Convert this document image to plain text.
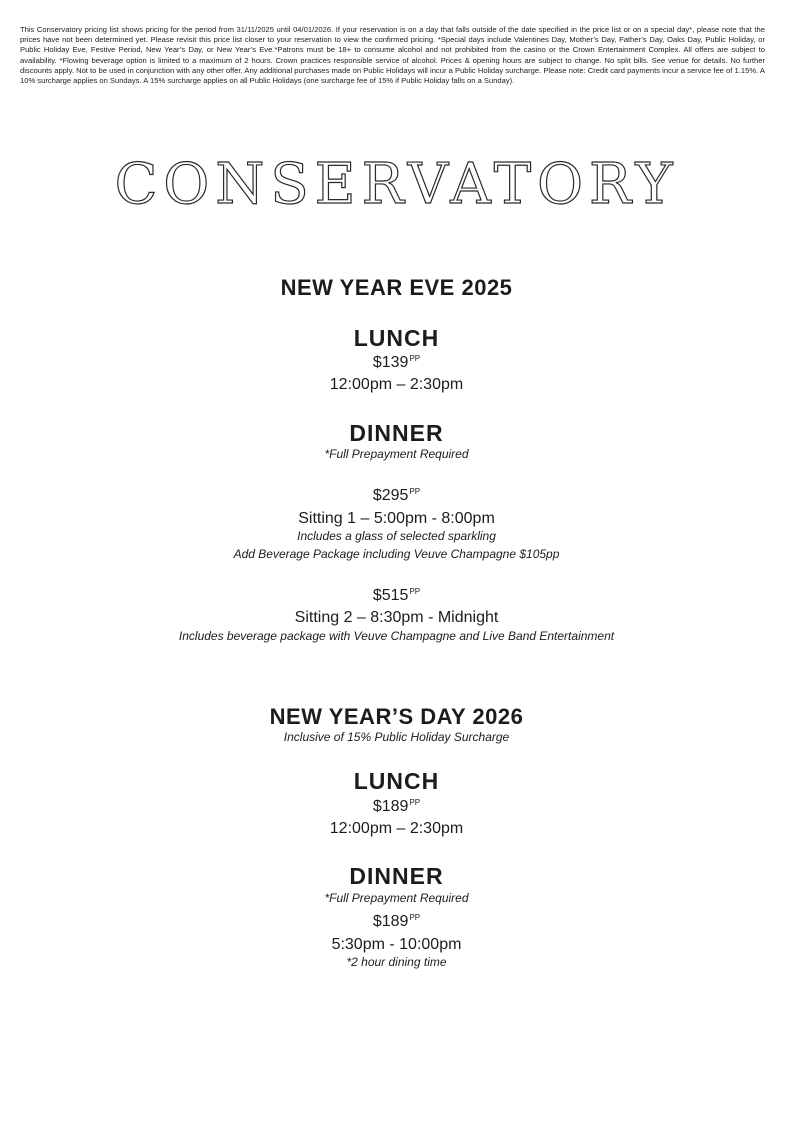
This Conservatory pricing list shows pricing for the period from 31/11/2025 until 04/01/2026. If your reservation is on a day that falls outside of the date specified in the price list or on a special day*, please note that the prices have not been determined yet. Please revisit this price list closer to your reservation to view the confirmed pricing. *Special days include Valentines Day, Mother’s Day, Father’s Day, Oaks Day, Public Holiday, or Public Holiday Eve, Festive Period, New Year’s Day, or New Year’s Eve.*Patrons must be 18+ to consume alcohol and not prohibited from the casino or the Crown Entertainment Complex. All offers are subject to availability. *Flowing beverage option is limited to a maximum of 2 hours. Crown practices responsible service of alcohol. Prices & opening hours are subject to change. No split bills. See venue for details. No further discounts apply. Not to be used in conjunction with any other offer. Any additional purchases made on Public Holidays will incur a Public Holiday surcharge. Please note: Credit card payments incur a service fee of 1.15%. A 10% surcharge applies on Sundays. A 15% surcharge applies on all Public Holidays (one surcharge fee of 15% if Public Holiday falls on a Sunday).
CONSERVATORY
NEW YEAR EVE 2025
LUNCH
$\$139^{PP}$
12:00pm – 2:30pm
DINNER
*Full Prepayment Required
$\$295^{PP}$
Sitting 1 – 5:00pm - 8:00pm
Includes a glass of selected sparkling
Add Beverage Package including Veuve Champagne $105pp
$\$515^{PP}$
Sitting 2 – 8:30pm - Midnight
Includes beverage package with Veuve Champagne and Live Band Entertainment
NEW YEAR’S DAY 2026
Inclusive of 15% Public Holiday Surcharge
LUNCH
$\$189^{PP}$
12:00pm – 2:30pm
DINNER
*Full Prepayment Required
$\$189^{PP}$
5:30pm - 10:00pm
*2 hour dining time
